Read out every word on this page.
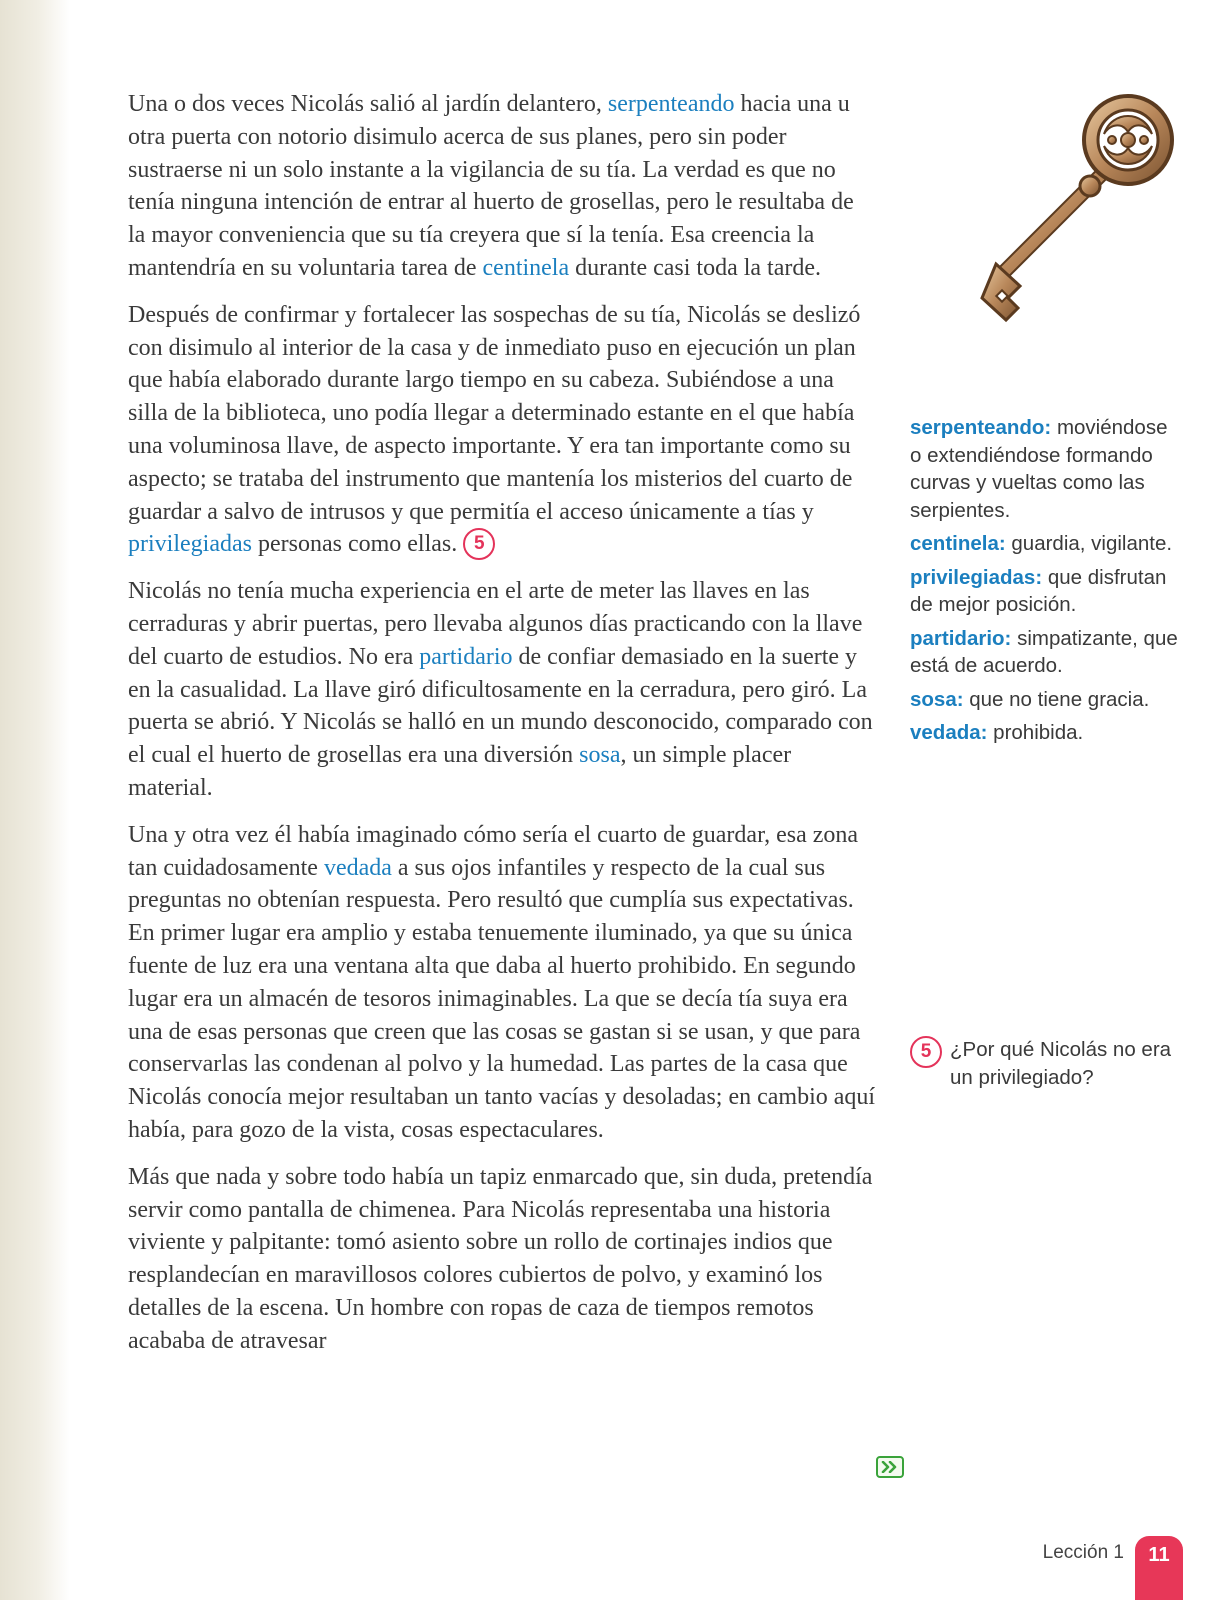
Una o dos veces Nicolás salió al jardín delantero, serpenteando hacia una u otra puerta con notorio disimulo acerca de sus planes, pero sin poder sustraerse ni un solo instante a la vigilancia de su tía. La verdad es que no tenía ninguna intención de entrar al huerto de grosellas, pero le resultaba de la mayor conveniencia que su tía creyera que sí la tenía. Esa creencia la mantendría en su voluntaria tarea de centinela durante casi toda la tarde.

Después de confirmar y fortalecer las sospechas de su tía, Nicolás se deslizó con disimulo al interior de la casa y de inmediato puso en ejecución un plan que había elaborado durante largo tiempo en su cabeza. Subiéndose a una silla de la biblioteca, uno podía llegar a determinado estante en el que había una voluminosa llave, de aspecto importante. Y era tan importante como su aspecto; se trataba del instrumento que mantenía los misterios del cuarto de guardar a salvo de intrusos y que permitía el acceso únicamente a tías y privilegiadas personas como ellas. 5

Nicolás no tenía mucha experiencia en el arte de meter las llaves en las cerraduras y abrir puertas, pero llevaba algunos días practicando con la llave del cuarto de estudios. No era partidario de confiar demasiado en la suerte y en la casualidad. La llave giró dificultosamente en la cerradura, pero giró. La puerta se abrió. Y Nicolás se halló en un mundo desconocido, comparado con el cual el huerto de grosellas era una diversión sosa, un simple placer material.

Una y otra vez él había imaginado cómo sería el cuarto de guardar, esa zona tan cuidadosamente vedada a sus ojos infantiles y respecto de la cual sus preguntas no obtenían respuesta. Pero resultó que cumplía sus expectativas. En primer lugar era amplio y estaba tenuemente iluminado, ya que su única fuente de luz era una ventana alta que daba al huerto prohibido. En segundo lugar era un almacén de tesoros inimaginables. La que se decía tía suya era una de esas personas que creen que las cosas se gastan si se usan, y que para conservarlas las condenan al polvo y la humedad. Las partes de la casa que Nicolás conocía mejor resultaban un tanto vacías y desoladas; en cambio aquí había, para gozo de la vista, cosas espectaculares.

Más que nada y sobre todo había un tapiz enmarcado que, sin duda, pretendía servir como pantalla de chimenea. Para Nicolás representaba una historia viviente y palpitante: tomó asiento sobre un rollo de cortinajes indios que resplandecían en maravillosos colores cubiertos de polvo, y examinó los detalles de la escena. Un hombre con ropas de caza de tiempos remotos acababa de atravesar

serpenteando: moviéndose o extendiéndose formando curvas y vueltas como las serpientes.
centinela: guardia, vigilante.
privilegiadas: que disfrutan de mejor posición.
partidario: simpatizante, que está de acuerdo.
sosa: que no tiene gracia.
vedada: prohibida.
5 ¿Por qué Nicolás no era un privilegiado?
Lección 1	11
